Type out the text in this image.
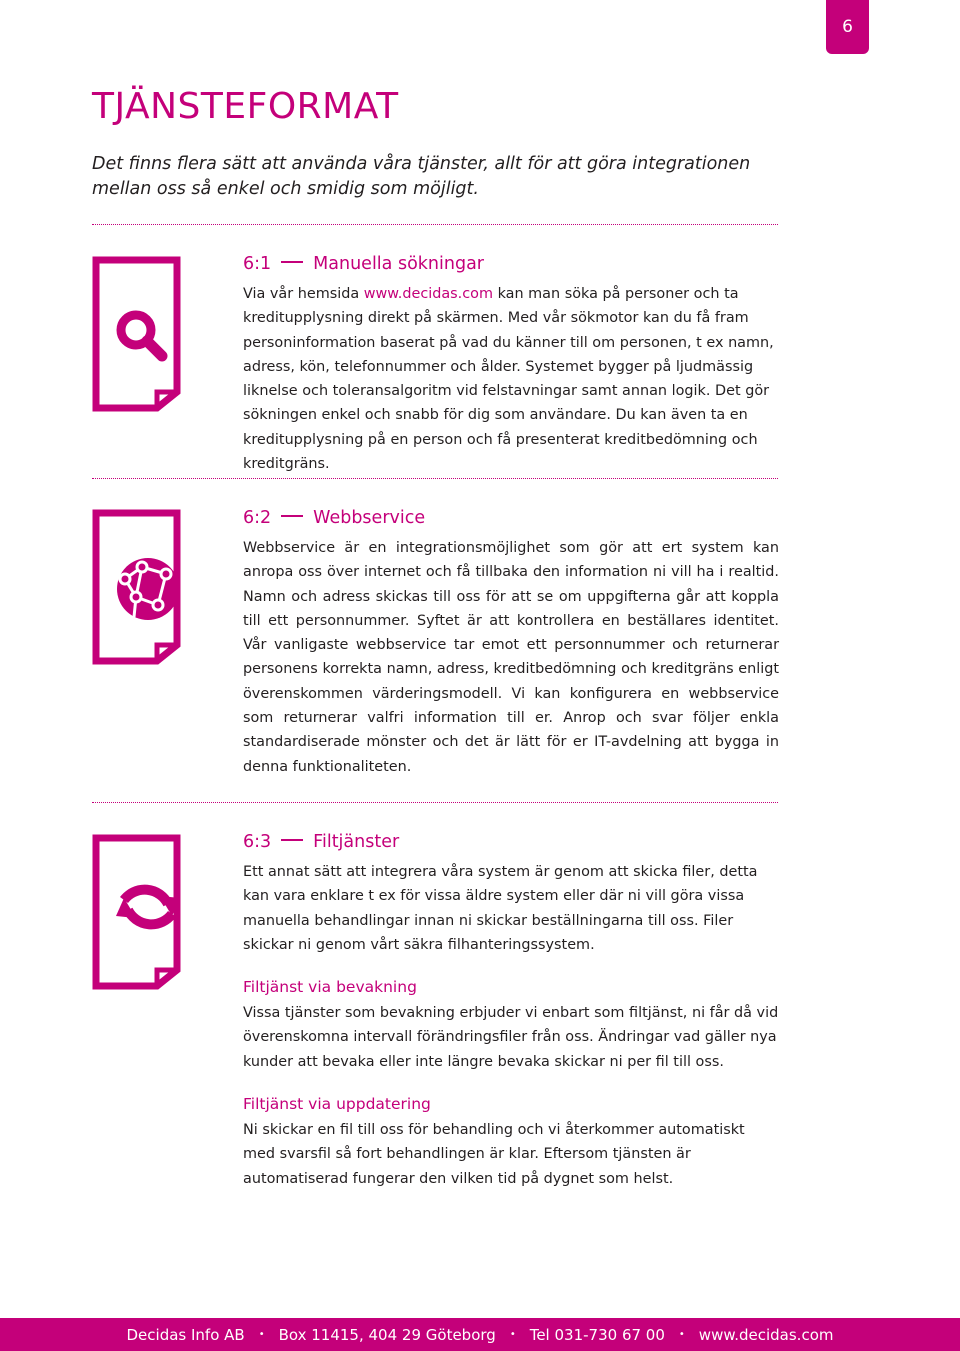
6
TJÄNSTEFORMAT

Det finns flera sätt att använda våra tjänster, allt för att göra integrationen mellan oss så enkel och smidig som möjligt.

6:1 Manuella sökningar

Via vår hemsida www.decidas.com kan man söka på personer och ta kreditupplysning direkt på skärmen. Med vår sökmotor kan du få fram personinformation baserat på vad du känner till om personen, t ex namn, adress, kön, telefonnummer och ålder. Systemet bygger på ljudmässig liknelse och toleransalgoritm vid felstavningar samt annan logik. Det gör sökningen enkel och snabb för dig som användare. Du kan även ta en kreditupplysning på en person och få presenterat kreditbedömning och kreditgräns.

6:2 Webbservice

Webbservice är en integrationsmöjlighet som gör att ert system kan anropa oss över internet och få tillbaka den information ni vill ha i realtid. Namn och adress skickas till oss för att se om uppgifterna går att koppla till ett personnummer. Syftet är att kontrollera en beställares identitet. Vår vanligaste webbservice tar emot ett personnummer och returnerar personens korrekta namn, adress, kreditbedömning och kreditgräns enligt överenskommen värderingsmodell. Vi kan konfigurera en webbservice som returnerar valfri information till er. Anrop och svar följer enkla standardiserade mönster och det är lätt för er IT-avdelning att bygga in denna funktionaliteten.

6:3 Filtjänster

Ett annat sätt att integrera våra system är genom att skicka filer, detta kan vara enklare t ex för vissa äldre system eller där ni vill göra vissa manuella behandlingar innan ni skickar beställningarna till oss. Filer skickar ni genom vårt säkra filhanteringssystem.

Filtjänst via bevakning

Vissa tjänster som bevakning erbjuder vi enbart som filtjänst, ni får då vid överenskomna intervall förändringsfiler från oss. Ändringar vad gäller nya kunder att bevaka eller inte längre bevaka skickar ni per fil till oss.

Filtjänst via uppdatering

Ni skickar en fil till oss för behandling och vi återkommer automatiskt med svarsfil så fort behandlingen är klar. Eftersom tjänsten är automatiserad fungerar den vilken tid på dygnet som helst.

Decidas Info AB • Box 11415, 404 29 Göteborg • Tel 031-730 67 00 • www.decidas.com
